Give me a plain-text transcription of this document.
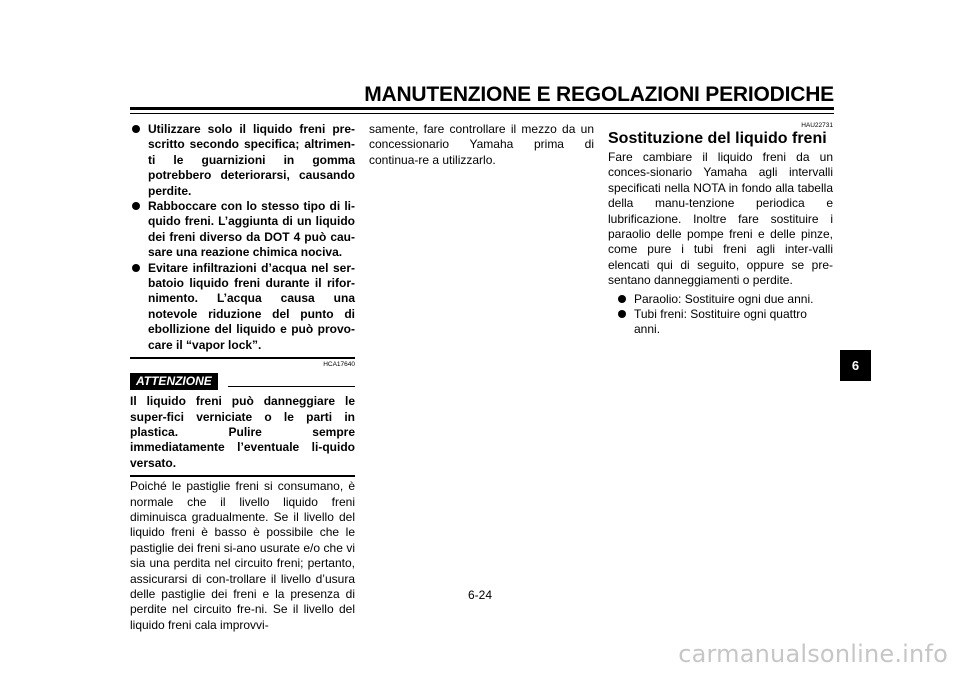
MANUTENZIONE E REGOLAZIONI PERIODICHE
Utilizzare solo il liquido freni pre-scritto secondo specifica; altrimen-ti le guarnizioni in gomma potrebbero deteriorarsi, causando perdite.
Rabboccare con lo stesso tipo di li-quido freni. L’aggiunta di un liquido dei freni diverso da DOT 4 può cau-sare una reazione chimica nociva.
Evitare infiltrazioni d’acqua nel ser-batoio liquido freni durante il rifor-nimento. L’acqua causa una notevole riduzione del punto di ebollizione del liquido e può provo-care il “vapor lock”.
HCA17640
ATTENZIONE

Il liquido freni può danneggiare le super-fici verniciate o le parti in plastica. Pulire sempre immediatamente l’eventuale li-quido versato.

Poiché le pastiglie freni si consumano, è normale che il livello liquido freni diminuisca gradualmente. Se il livello del liquido freni è basso è possibile che le pastiglie dei freni si-ano usurate e/o che vi sia una perdita nel circuito freni; pertanto, assicurarsi di con-trollare il livello d’usura delle pastiglie dei freni e la presenza di perdite nel circuito fre-ni. Se il livello del liquido freni cala improvvi-

samente, fare controllare il mezzo da un concessionario Yamaha prima di continua-re a utilizzarlo.

HAU22731
Sostituzione del liquido freni

Fare cambiare il liquido freni da un conces-sionario Yamaha agli intervalli specificati nella NOTA in fondo alla tabella della manu-tenzione periodica e lubrificazione. Inoltre fare sostituire i paraolio delle pompe freni e delle pinze, come pure i tubi freni agli inter-valli elencati qui di seguito, oppure se pre-sentano danneggiamenti o perdite.

Paraolio: Sostituire ogni due anni.
Tubi freni: Sostituire ogni quattro anni.
6
6-24
carmanualsonline.info
